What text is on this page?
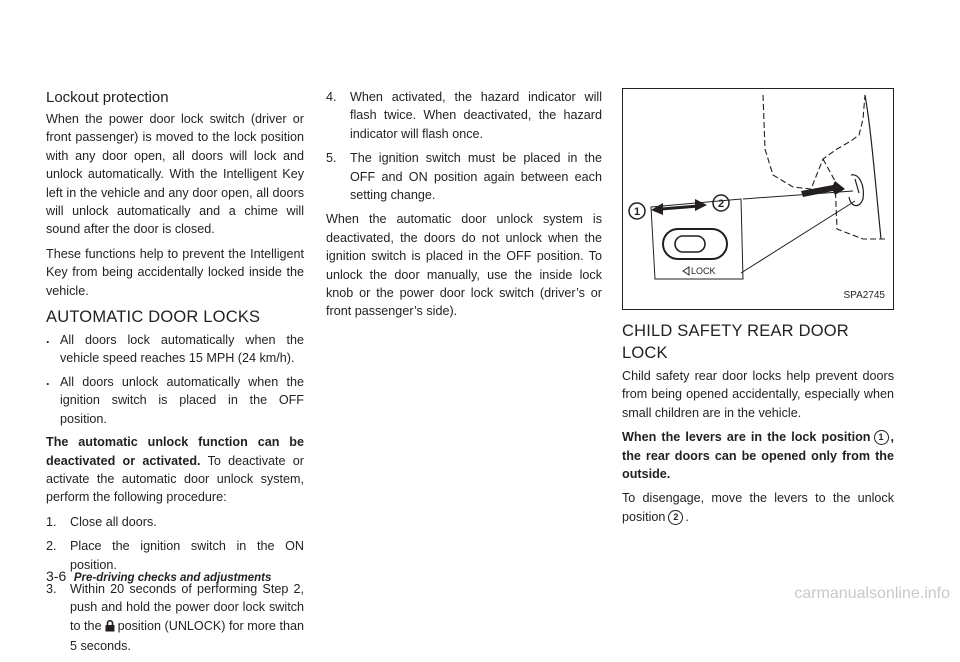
Lockout protection

When the power door lock switch (driver or front passenger) is moved to the lock position with any door open, all doors will lock and unlock automatically. With the Intelligent Key left in the vehicle and any door open, all doors will unlock automatically and a chime will sound after the door is closed.

These functions help to prevent the Intelligent Key from being accidentally locked inside the vehicle.

AUTOMATIC DOOR LOCKS
. All doors lock automatically when the vehicle speed reaches 15 MPH (24 km/h).
. All doors unlock automatically when the ignition switch is placed in the OFF position.

The automatic unlock function can be deactivated or activated. To deactivate or activate the automatic door unlock system, perform the following procedure:

1. Close all doors.
2. Place the ignition switch in the ON position.
3. Within 20 seconds of performing Step 2, push and hold the power door lock switch to the position (UNLOCK) for more than 5 seconds.
4. When activated, the hazard indicator will flash twice. When deactivated, the hazard indicator will flash once.
5. The ignition switch must be placed in the OFF and ON position again between each setting change.

When the automatic door unlock system is deactivated, the doors do not unlock when the ignition switch is placed in the OFF position. To unlock the door manually, use the inside lock knob or the power door lock switch (driver’s or front passenger’s side).

1
2
LOCK
SPA2745
CHILD SAFETY REAR DOOR LOCK

Child safety rear door locks help prevent doors from being opened accidentally, especially when small children are in the vehicle.

When the levers are in the lock position 1 , the rear doors can be opened only from the outside.

To disengage, move the levers to the unlock position 2 .

3-6 Pre-driving checks and adjustments
carmanualsonline.info
